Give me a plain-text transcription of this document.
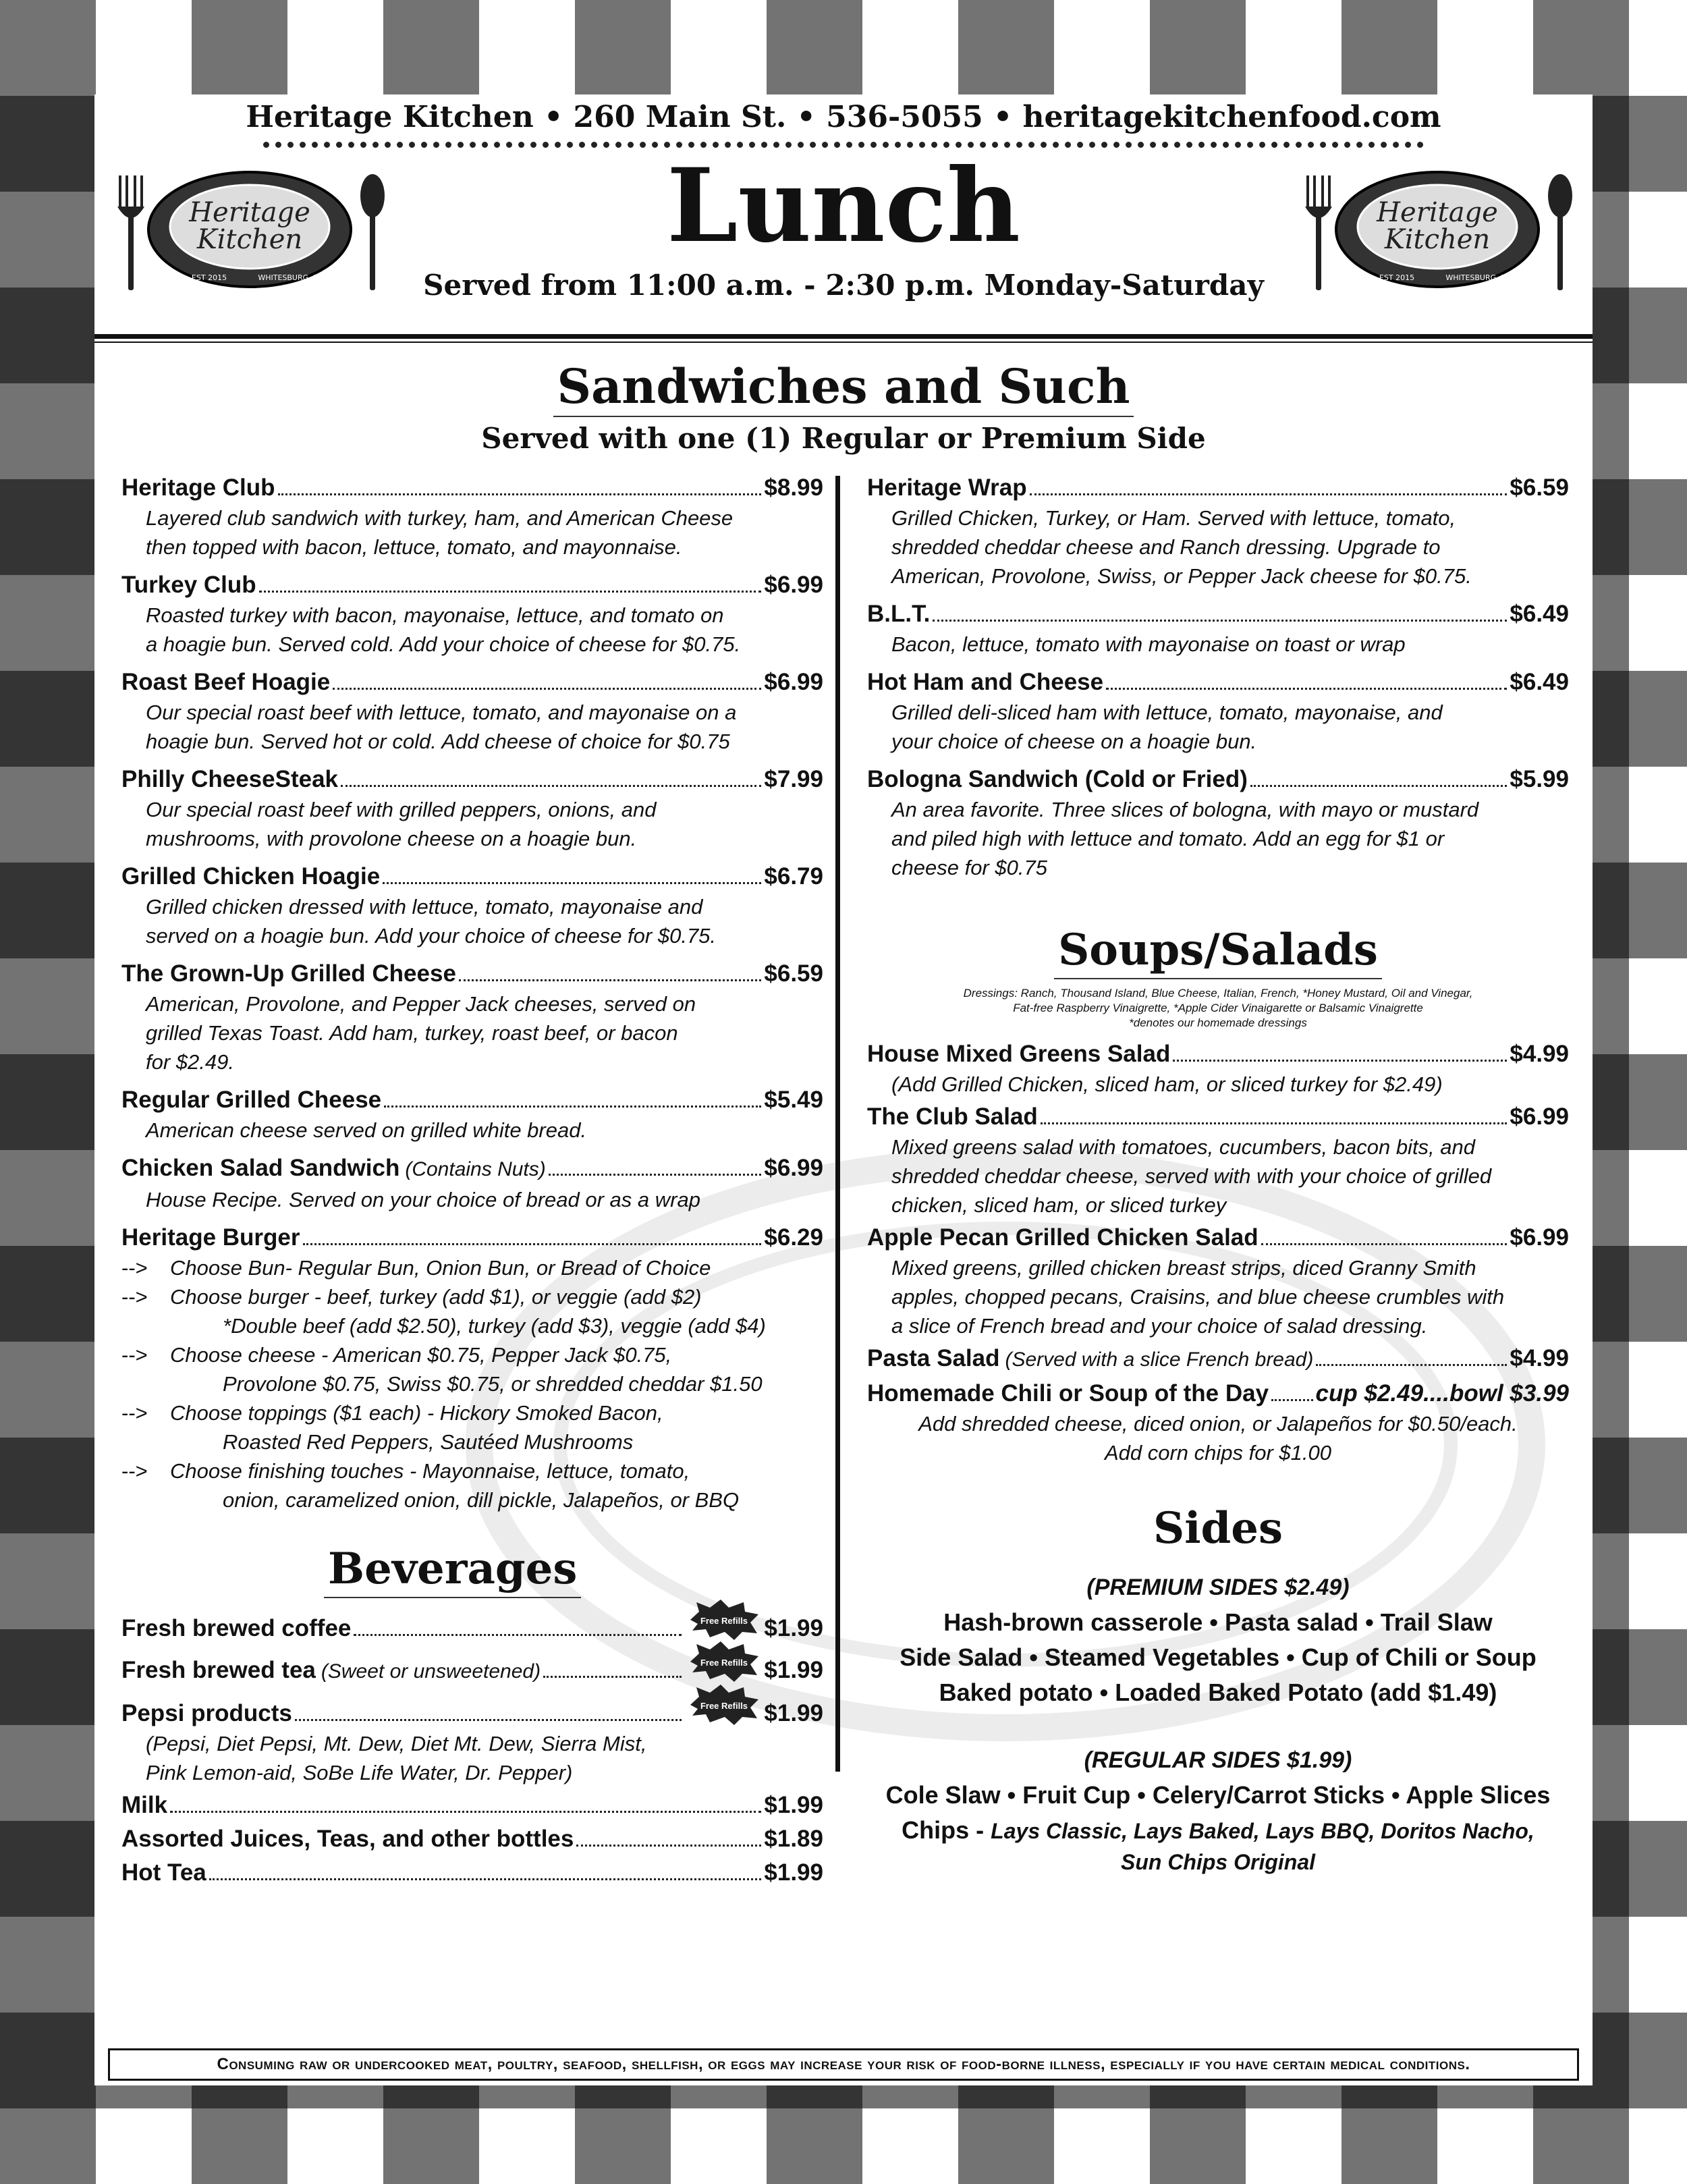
Heritage Kitchen • 260 Main St. • 536-5055 • heritagekitchenfood.com
Heritage
Kitchen
EST 2015	WHITESBURG, KY
Heritage
Kitchen
EST 2015	WHITESBURG, KY
Lunch
Served from 11:00 a.m. - 2:30 p.m. Monday-Saturday
Sandwiches and Such
Served with one (1) Regular or Premium Side
Heritage Club	$8.99
Layered club sandwich with turkey, ham, and American Cheese
then topped with bacon, lettuce, tomato, and mayonnaise.
Turkey Club	$6.99
Roasted turkey with bacon, mayonaise, lettuce, and tomato on
a hoagie bun. Served cold. Add your choice of cheese for $0.75.
Roast Beef Hoagie	$6.99
Our special roast beef with lettuce, tomato, and mayonaise on a
hoagie bun. Served hot or cold. Add cheese of choice for $0.75
Philly CheeseSteak	$7.99
Our special roast beef with grilled peppers, onions, and
mushrooms, with provolone cheese on a hoagie bun.
Grilled Chicken Hoagie	$6.79
Grilled chicken dressed with lettuce, tomato, mayonaise and
served on a hoagie bun. Add your choice of cheese for $0.75.
The Grown-Up Grilled Cheese	$6.59
American, Provolone, and Pepper Jack cheeses, served on
grilled Texas Toast. Add ham, turkey, roast beef, or bacon
for $2.49.
Regular Grilled Cheese	$5.49
American cheese served on grilled white bread.
Chicken Salad Sandwich (Contains Nuts)	$6.99
House Recipe. Served on your choice of bread or as a wrap
Heritage Burger	$6.29
--> Choose Bun- Regular Bun, Onion Bun, or Bread of Choice
--> Choose burger - beef, turkey (add $1), or veggie (add $2)
*Double beef (add $2.50), turkey (add $3), veggie (add $4)
--> Choose cheese - American $0.75, Pepper Jack $0.75,
Provolone $0.75, Swiss $0.75, or shredded cheddar $1.50
--> Choose toppings ($1 each) - Hickory Smoked Bacon,
Roasted Red Peppers, Sautéed Mushrooms
--> Choose finishing touches - Mayonnaise, lettuce, tomato,
onion, caramelized onion, dill pickle, Jalapeños, or BBQ
Beverages
Fresh brewed coffee	Free Refills $1.99
Fresh brewed tea (Sweet or unsweetened)	Free Refills $1.99
Pepsi products	Free Refills $1.99
(Pepsi, Diet Pepsi, Mt. Dew, Diet Mt. Dew, Sierra Mist,
Pink Lemon-aid, SoBe Life Water, Dr. Pepper)
Milk	$1.99
Assorted Juices, Teas, and other bottles	$1.89
Hot Tea	$1.99
Heritage Wrap	$6.59
Grilled Chicken, Turkey, or Ham. Served with lettuce, tomato,
shredded cheddar cheese and Ranch dressing. Upgrade to
American, Provolone, Swiss, or Pepper Jack cheese for $0.75.
B.L.T.	$6.49
Bacon, lettuce, tomato with mayonaise on toast or wrap
Hot Ham and Cheese	$6.49
Grilled deli-sliced ham with lettuce, tomato, mayonaise, and
your choice of cheese on a hoagie bun.
Bologna Sandwich (Cold or Fried)	$5.99
An area favorite. Three slices of bologna, with mayo or mustard
and piled high with lettuce and tomato. Add an egg for $1 or
cheese for $0.75
Soups/Salads
Dressings: Ranch, Thousand Island, Blue Cheese, Italian, French, *Honey Mustard, Oil and Vinegar,
Fat-free Raspberry Vinaigrette, *Apple Cider Vinaigarette or Balsamic Vinaigrette
*denotes our homemade dressings
House Mixed Greens Salad	$4.99
(Add Grilled Chicken, sliced ham, or sliced turkey for $2.49)
The Club Salad	$6.99
Mixed greens salad with tomatoes, cucumbers, bacon bits, and
shredded cheddar cheese, served with with your choice of grilled
chicken, sliced ham, or sliced turkey
Apple Pecan Grilled Chicken Salad	$6.99
Mixed greens, grilled chicken breast strips, diced Granny Smith
apples, chopped pecans, Craisins, and blue cheese crumbles with
a slice of French bread and your choice of salad dressing.
Pasta Salad (Served with a slice French bread)	$4.99
Homemade Chili or Soup of the Day cup $2.49....bowl $3.99
Add shredded cheese, diced onion, or Jalapeños for $0.50/each.
Add corn chips for $1.00
Sides
(PREMIUM SIDES $2.49)
Hash-brown casserole • Pasta salad • Trail Slaw
Side Salad • Steamed Vegetables • Cup of Chili or Soup
Baked potato • Loaded Baked Potato (add $1.49)
(REGULAR SIDES $1.99)
Cole Slaw • Fruit Cup • Celery/Carrot Sticks • Apple Slices
Chips - Lays Classic, Lays Baked, Lays BBQ, Doritos Nacho,
Sun Chips Original
Consuming raw or undercooked meat, poultry, seafood, shellfish, or eggs may increase your risk of food-borne illness, especially if you have certain medical conditions.
